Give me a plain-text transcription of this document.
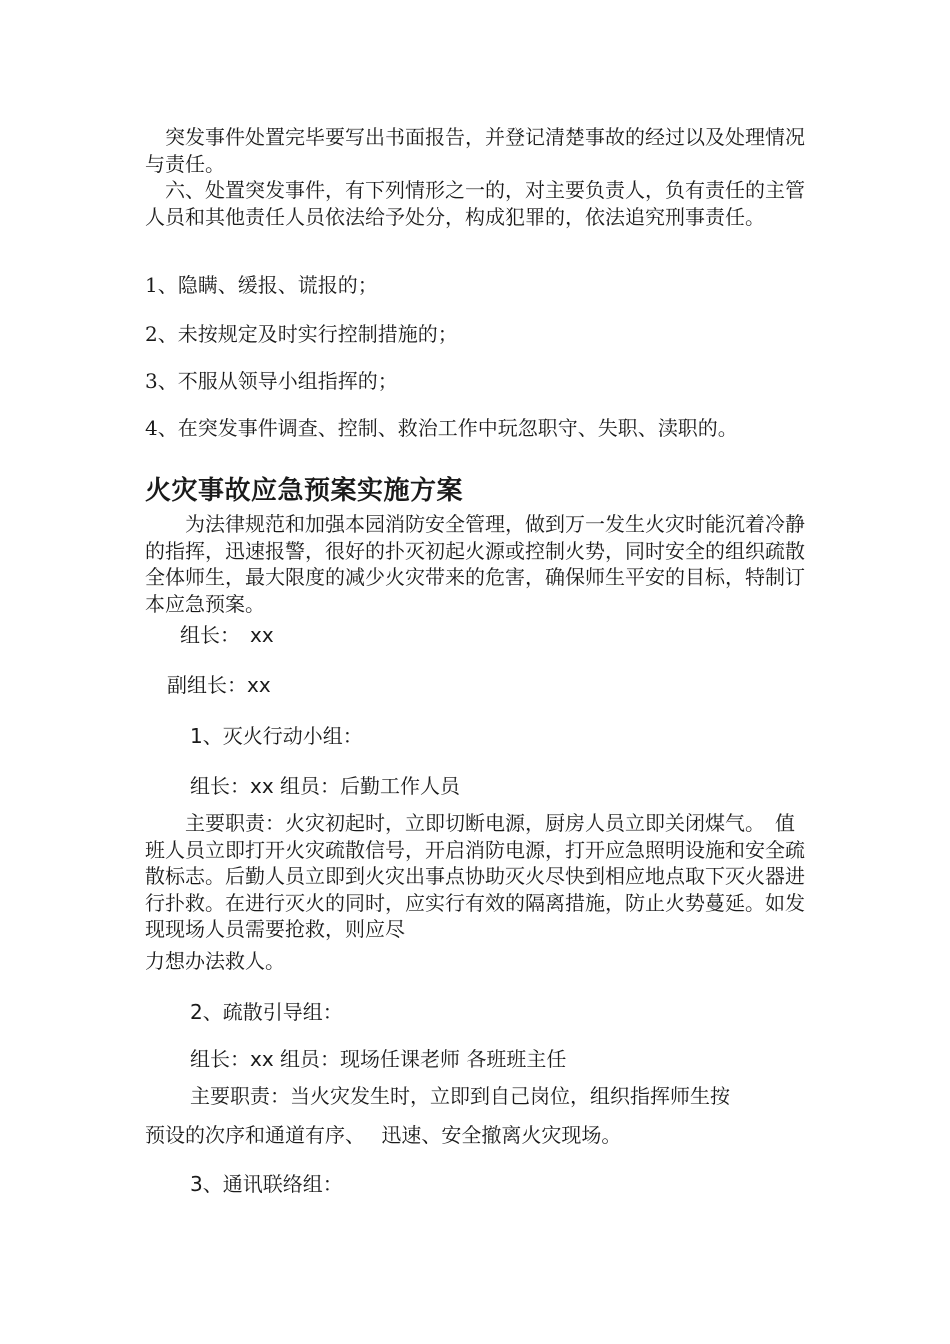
突发事件处置完毕要写出书面报告，并登记清楚事故的经过以及处理情况与责任。

六、处置突发事件，有下列情形之一的，对主要负责人，负有责任的主管人员和其他责任人员依法给予处分，构成犯罪的，依法追究刑事责任。

1、隐瞒、缓报、谎报的；

2、未按规定及时实行控制措施的；

3、不服从领导小组指挥的；

4、在突发事件调查、控制、救治工作中玩忽职守、失职、渎职的。

火灾事故应急预案实施方案

为法律规范和加强本园消防安全管理，做到万一发生火灾时能沉着冷静的指挥，迅速报警，很好的扑灭初起火源或控制火势，同时安全的组织疏散全体师生，最大限度的减少火灾带来的危害，确保师生平安的目标，特制订本应急预案。

组长：　xx

副组长：xx

1、灭火行动小组：

组长：xx 组员：后勤工作人员

主要职责：火灾初起时，立即切断电源，厨房人员立即关闭煤气。　值班人员立即打开火灾疏散信号，开启消防电源，打开应急照明设施和安全疏散标志。后勤人员立即到火灾出事点协助灭火尽快到相应地点取下灭火器进行扑救。在进行灭火的同时，应实行有效的隔离措施，防止火势蔓延。如发现现场人员需要抢救，则应尽

力想办法救人。

2、疏散引导组：

组长：xx 组员：现场任课老师 各班班主任

主要职责：当火灾发生时，立即到自己岗位，组织指挥师生按

预设的次序和通道有序、　 迅速、安全撤离火灾现场。

3、通讯联络组：
